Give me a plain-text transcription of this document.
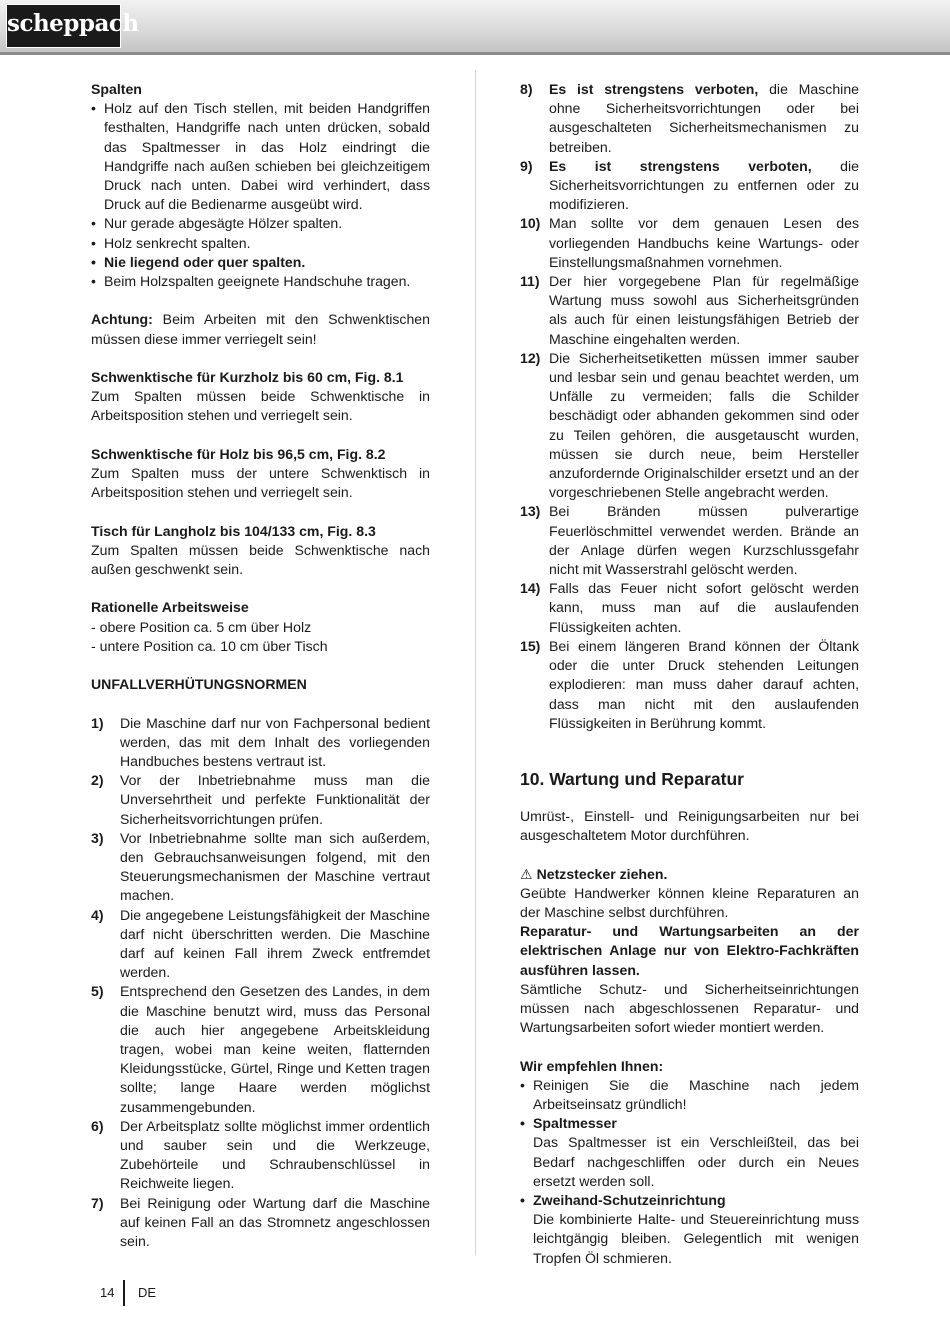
scheppach

Spalten

• Holz auf den Tisch stellen, mit beiden Handgriffen festhalten, Handgriffe nach unten drücken, sobald das Spaltmesser in das Holz eindringt die Handgriffe nach außen schieben bei gleichzeitigem Druck nach unten. Dabei wird verhindert, dass Druck auf die Bedienarme ausgeübt wird.

• Nur gerade abgesägte Hölzer spalten.

• Holz senkrecht spalten.

• Nie liegend oder quer spalten.

• Beim Holzspalten geeignete Handschuhe tragen.

Achtung: Beim Arbeiten mit den Schwenktischen müssen diese immer verriegelt sein!

Schwenktische für Kurzholz bis 60 cm, Fig. 8.1

Zum Spalten müssen beide Schwenktische in Arbeitsposition stehen und verriegelt sein.

Schwenktische für Holz bis 96,5 cm, Fig. 8.2

Zum Spalten muss der untere Schwenktisch in Arbeitsposition stehen und verriegelt sein.

Tisch für Langholz bis 104/133 cm, Fig. 8.3

Zum Spalten müssen beide Schwenktische nach außen geschwenkt sein.

Rationelle Arbeitsweise

- obere Position ca. 5 cm über Holz

- untere Position ca. 10 cm über Tisch

UNFALLVERHÜTUNGSNORMEN

1) Die Maschine darf nur von Fachpersonal bedient werden, das mit dem Inhalt des vorliegenden Handbuches bestens vertraut ist.

2) Vor der Inbetriebnahme muss man die Unversehrtheit und perfekte Funktionalität der Sicherheitsvorrichtungen prüfen.

3) Vor Inbetriebnahme sollte man sich außerdem, den Gebrauchsanweisungen folgend, mit den Steuerungsmechanismen der Maschine vertraut machen.

4) Die angegebene Leistungsfähigkeit der Maschine darf nicht überschritten werden. Die Maschine darf auf keinen Fall ihrem Zweck entfremdet werden.

5) Entsprechend den Gesetzen des Landes, in dem die Maschine benutzt wird, muss das Personal die auch hier angegebene Arbeitskleidung tragen, wobei man keine weiten, flatternden Kleidungsstücke, Gürtel, Ringe und Ketten tragen sollte; lange Haare werden möglichst zusammengebunden.

6) Der Arbeitsplatz sollte möglichst immer ordentlich und sauber sein und die Werkzeuge, Zubehörteile und Schraubenschlüssel in Reichweite liegen.

7) Bei Reinigung oder Wartung darf die Maschine auf keinen Fall an das Stromnetz angeschlossen sein.

8) Es ist strengstens verboten, die Maschine ohne Sicherheitsvorrichtungen oder bei ausgeschalteten Sicherheitsmechanismen zu betreiben.

9) Es ist strengstens verboten, die Sicherheitsvorrichtungen zu entfernen oder zu modifizieren.

10) Man sollte vor dem genauen Lesen des vorliegenden Handbuchs keine Wartungs- oder Einstellungsmaßnahmen vornehmen.

11) Der hier vorgegebene Plan für regelmäßige Wartung muss sowohl aus Sicherheitsgründen als auch für einen leistungsfähigen Betrieb der Maschine eingehalten werden.

12) Die Sicherheitsetiketten müssen immer sauber und lesbar sein und genau beachtet werden, um Unfälle zu vermeiden; falls die Schilder beschädigt oder abhanden gekommen sind oder zu Teilen gehören, die ausgetauscht wurden, müssen sie durch neue, beim Hersteller anzufordernde Originalschilder ersetzt und an der vorgeschriebenen Stelle angebracht werden.

13) Bei Bränden müssen pulverartige Feuerlöschmittel verwendet werden. Brände an der Anlage dürfen wegen Kurzschlussgefahr nicht mit Wasserstrahl gelöscht werden.

14) Falls das Feuer nicht sofort gelöscht werden kann, muss man auf die auslaufenden Flüssigkeiten achten.

15) Bei einem längeren Brand können der Öltank oder die unter Druck stehenden Leitungen explodieren: man muss daher darauf achten, dass man nicht mit den auslaufenden Flüssigkeiten in Berührung kommt.

10. Wartung und Reparatur

Umrüst-, Einstell- und Reinigungsarbeiten nur bei ausgeschaltetem Motor durchführen.

⚠ Netzstecker ziehen.

Geübte Handwerker können kleine Reparaturen an der Maschine selbst durchführen.

Reparatur- und Wartungsarbeiten an der elektrischen Anlage nur von Elektro-Fachkräften ausführen lassen.

Sämtliche Schutz- und Sicherheitseinrichtungen müssen nach abgeschlossenen Reparatur- und Wartungsarbeiten sofort wieder montiert werden.

Wir empfehlen Ihnen:

• Reinigen Sie die Maschine nach jedem Arbeitseinsatz gründlich!

• Spaltmesser

Das Spaltmesser ist ein Verschleißteil, das bei Bedarf nachgeschliffen oder durch ein Neues ersetzt werden soll.

• Zweihand-Schutzeinrichtung

Die kombinierte Halte- und Steuereinrichtung muss leichtgängig bleiben. Gelegentlich mit wenigen Tropfen Öl schmieren.

14 DE
